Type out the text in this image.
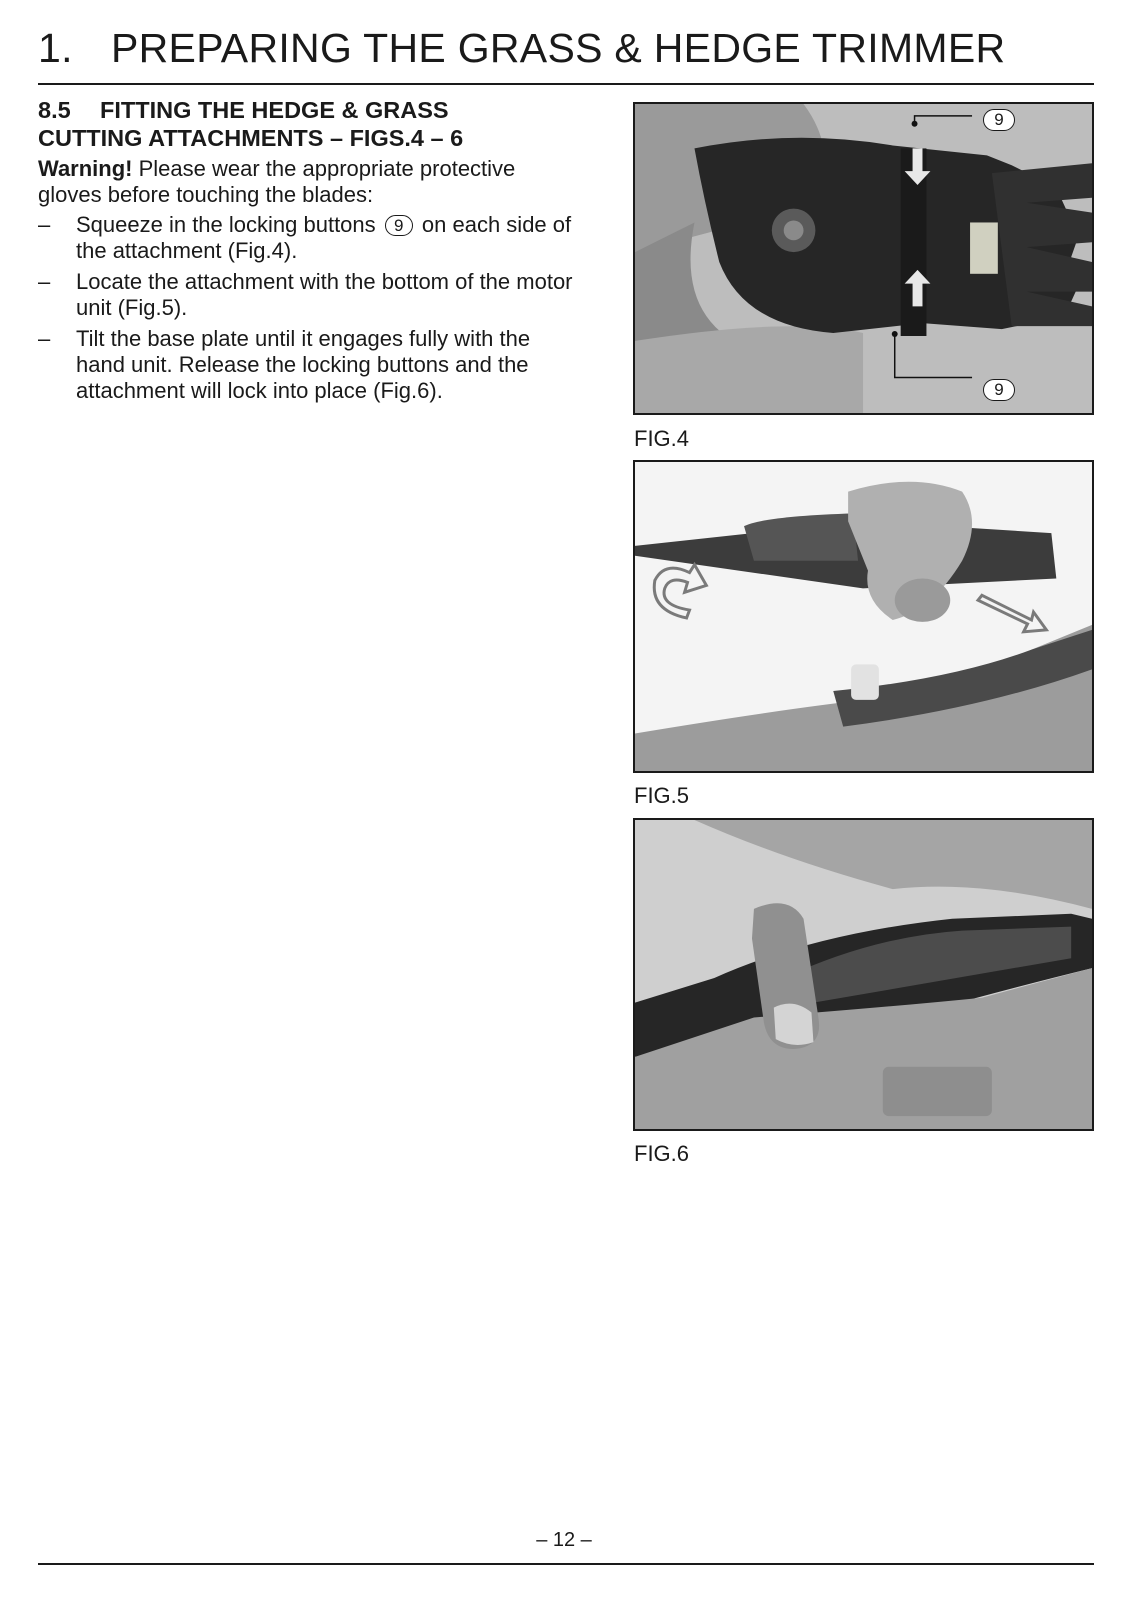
1. PREPARING THE GRASS & HEDGE TRIMMER
8.5 FITTING THE HEDGE & GRASS
CUTTING ATTACHMENTS – FIGS.4 – 6

Warning! Please wear the appropriate protective gloves before touching the blades:

– Squeeze in the locking buttons 9 on each side of the attachment (Fig.4).
– Locate the attachment with the bottom of the motor unit (Fig.5).
– Tilt the base plate until it engages fully with the hand unit. Release the locking buttons and the attachment will lock into place (Fig.6).
9
9

FIG.4

FIG.5

FIG.6

– 12 –
